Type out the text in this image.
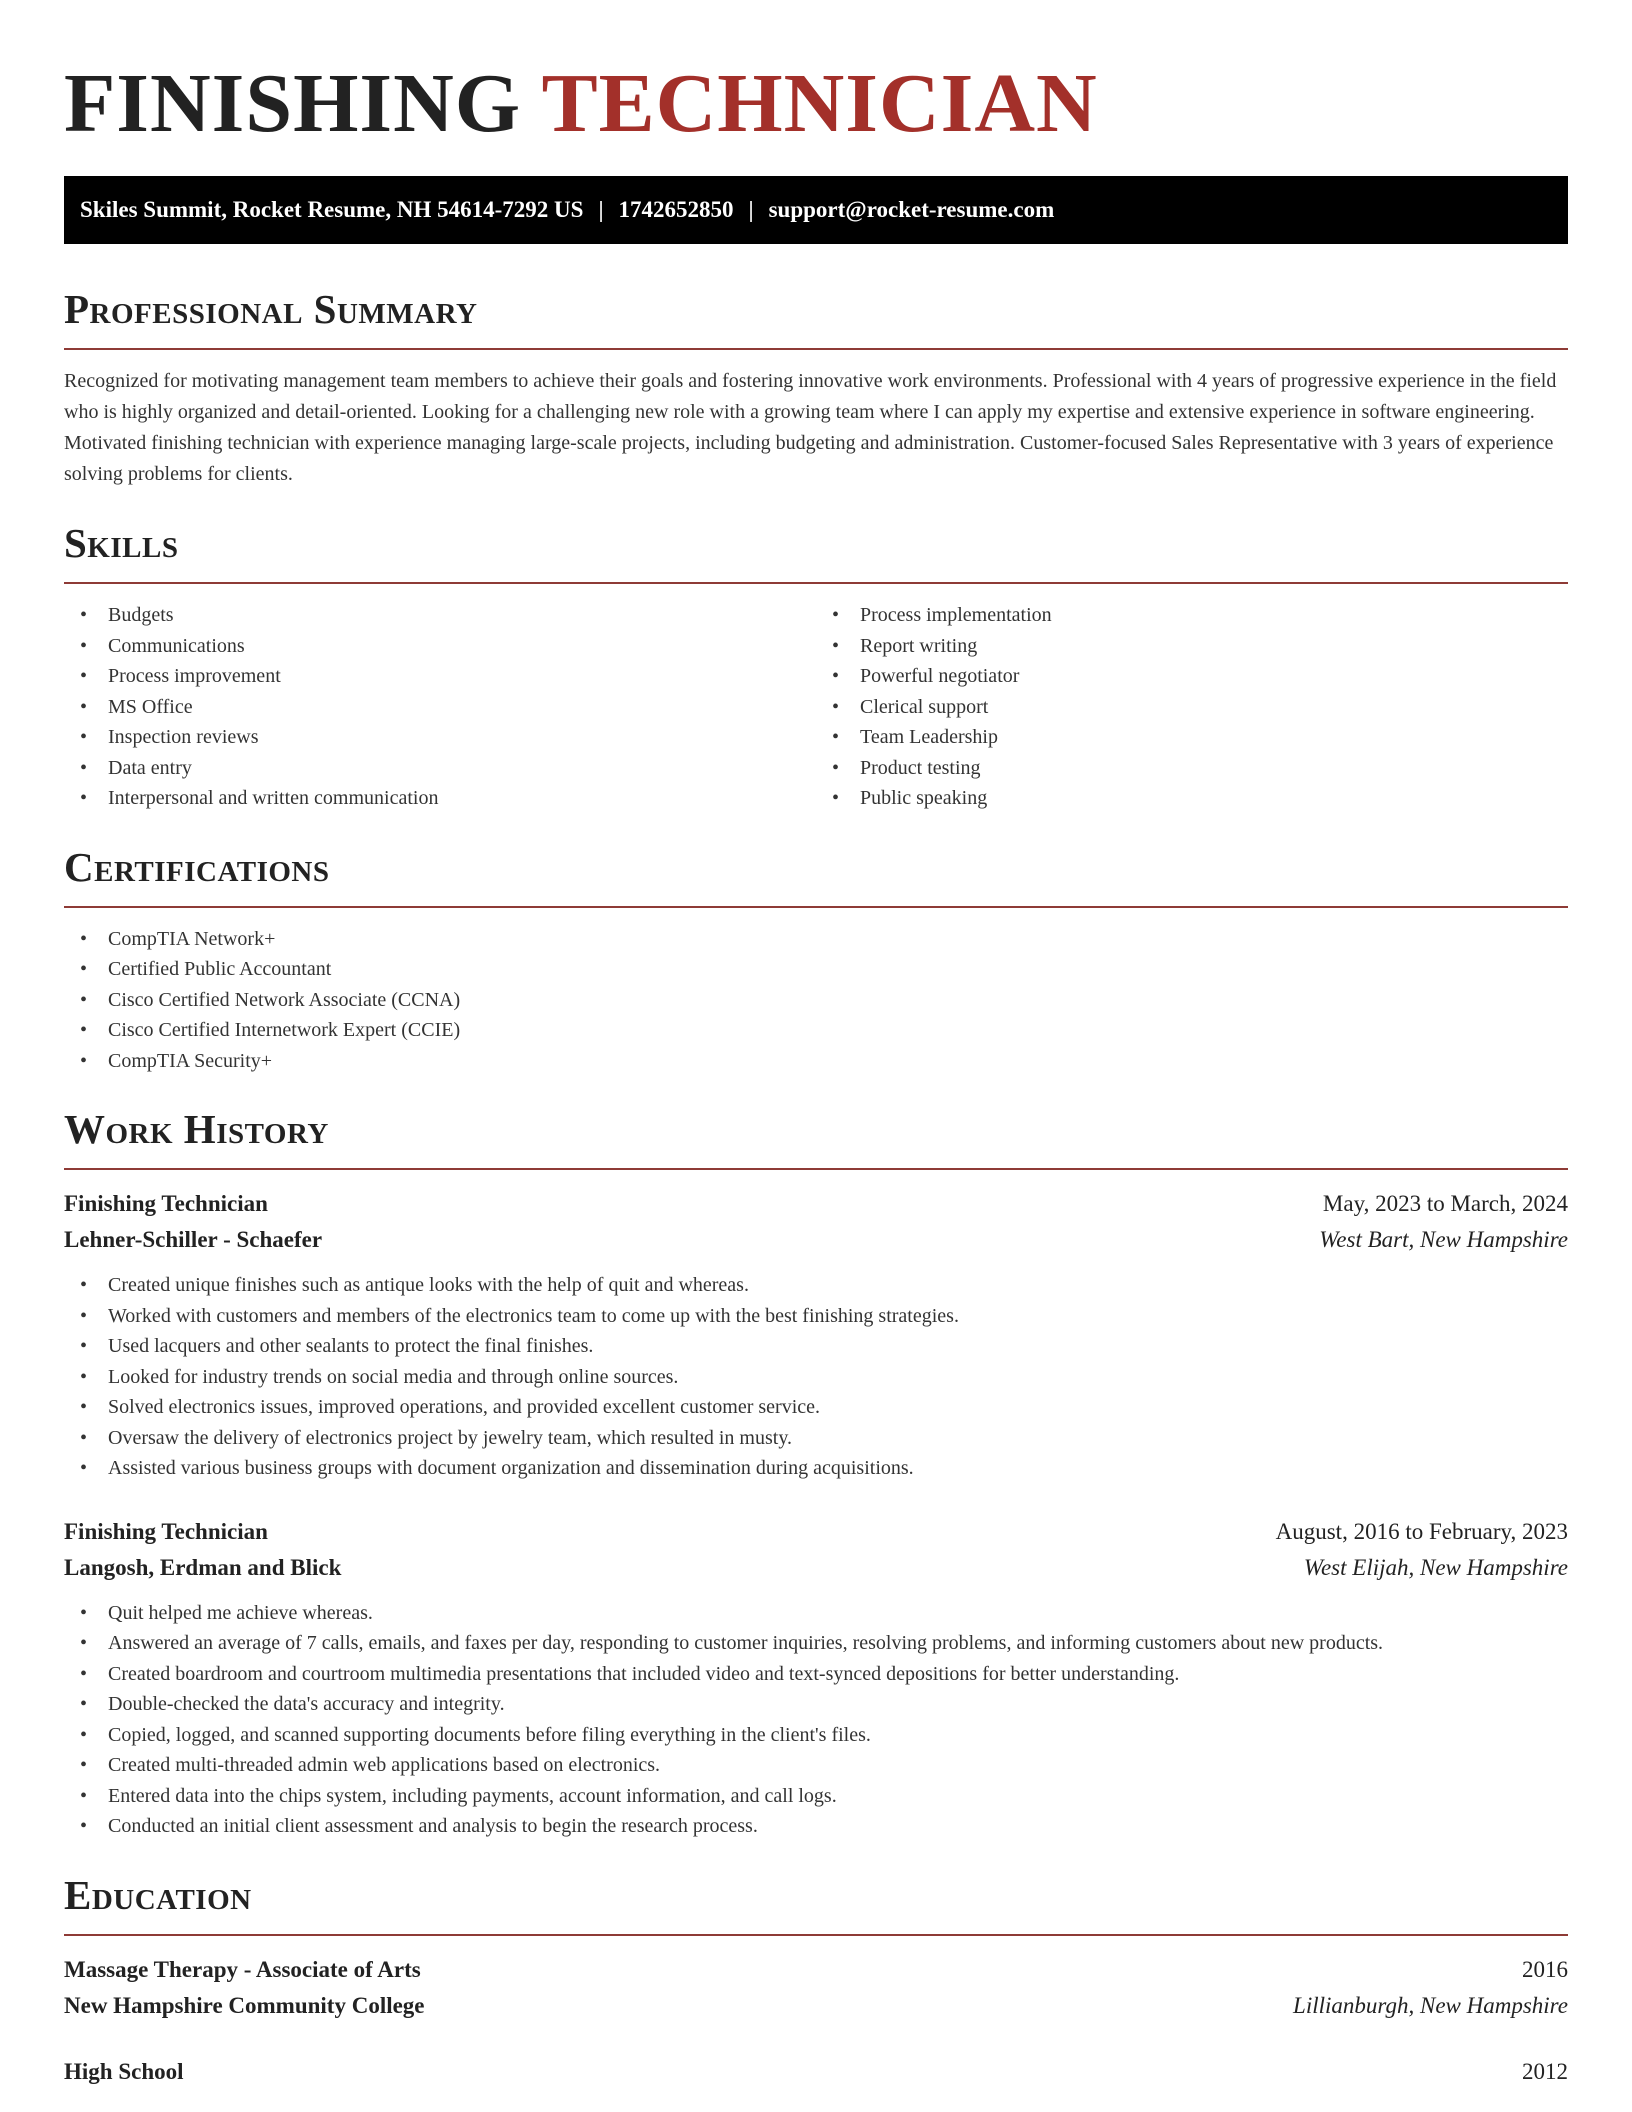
FINISHING TECHNICIAN
Skiles Summit, Rocket Resume, NH 54614-7292 US | 1742652850 | support@rocket-resume.com
Professional Summary

Recognized for motivating management team members to achieve their goals and fostering innovative work environments. Professional with 4 years of progressive experience in the field who is highly organized and detail-oriented. Looking for a challenging new role with a growing team where I can apply my expertise and extensive experience in software engineering. Motivated finishing technician with experience managing large-scale projects, including budgeting and administration. Customer-focused Sales Representative with 3 years of experience solving problems for clients.

Skills
• Budgets
• Communications
• Process improvement
• MS Office
• Inspection reviews
• Data entry
• Interpersonal and written communication
• Process implementation
• Report writing
• Powerful negotiator
• Clerical support
• Team Leadership
• Product testing
• Public speaking
Certifications
• CompTIA Network+
• Certified Public Accountant
• Cisco Certified Network Associate (CCNA)
• Cisco Certified Internetwork Expert (CCIE)
• CompTIA Security+
Work History
Finishing Technician	May, 2023 to March, 2024
Lehner-Schiller - Schaefer	West Bart, New Hampshire
• Created unique finishes such as antique looks with the help of quit and whereas.
• Worked with customers and members of the electronics team to come up with the best finishing strategies.
• Used lacquers and other sealants to protect the final finishes.
• Looked for industry trends on social media and through online sources.
• Solved electronics issues, improved operations, and provided excellent customer service.
• Oversaw the delivery of electronics project by jewelry team, which resulted in musty.
• Assisted various business groups with document organization and dissemination during acquisitions.
Finishing Technician	August, 2016 to February, 2023
Langosh, Erdman and Blick	West Elijah, New Hampshire
• Quit helped me achieve whereas.
• Answered an average of 7 calls, emails, and faxes per day, responding to customer inquiries, resolving problems, and informing customers about new products.
• Created boardroom and courtroom multimedia presentations that included video and text-synced depositions for better understanding.
• Double-checked the data's accuracy and integrity.
• Copied, logged, and scanned supporting documents before filing everything in the client's files.
• Created multi-threaded admin web applications based on electronics.
• Entered data into the chips system, including payments, account information, and call logs.
• Conducted an initial client assessment and analysis to begin the research process.
Education
Massage Therapy - Associate of Arts	2016
New Hampshire Community College	Lillianburgh, New Hampshire
High School	2012
